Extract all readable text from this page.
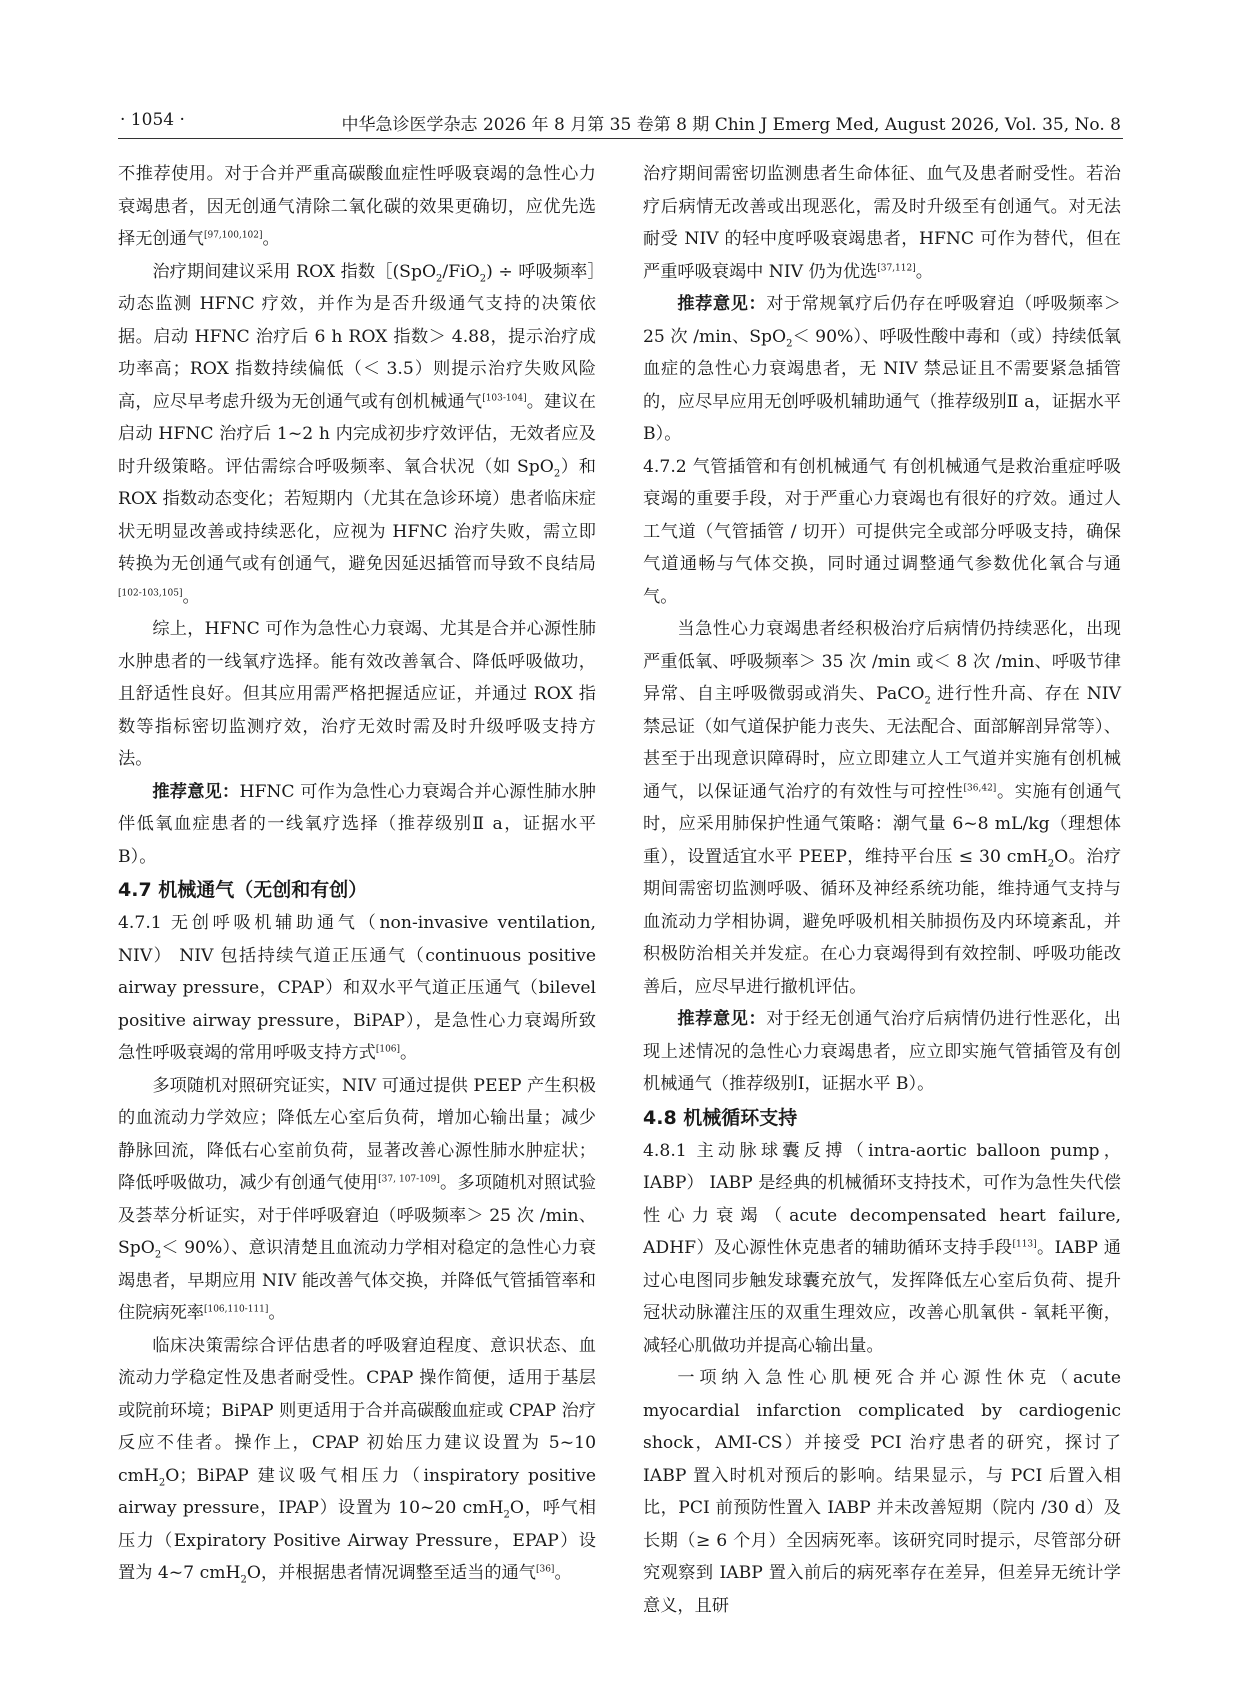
· 1054 ·	中华急诊医学杂志 2026 年 8 月第 35 卷第 8 期 Chin J Emerg Med, August 2026, Vol. 35, No. 8

不推荐使用。对于合并严重高碳酸血症性呼吸衰竭的急性心力衰竭患者，因无创通气清除二氧化碳的效果更确切，应优先选择无创通气[97,100,102]。

治疗期间建议采用 ROX 指数［(SpO$_2$/FiO$_2$) ÷ 呼吸频率］动态监测 HFNC 疗效，并作为是否升级通气支持的决策依据。启动 HFNC 治疗后 6 h ROX 指数＞ 4.88，提示治疗成功率高；ROX 指数持续偏低（＜ 3.5）则提示治疗失败风险高，应尽早考虑升级为无创通气或有创机械通气[103-104]。建议在启动 HFNC 治疗后 1~2 h 内完成初步疗效评估，无效者应及时升级策略。评估需综合呼吸频率、氧合状况（如 SpO$_2$）和 ROX 指数动态变化；若短期内（尤其在急诊环境）患者临床症状无明显改善或持续恶化，应视为 HFNC 治疗失败，需立即转换为无创通气或有创通气，避免因延迟插管而导致不良结局[102-103,105]。

综上，HFNC 可作为急性心力衰竭、尤其是合并心源性肺水肿患者的一线氧疗选择。能有效改善氧合、降低呼吸做功，且舒适性良好。但其应用需严格把握适应证，并通过 ROX 指数等指标密切监测疗效，治疗无效时需及时升级呼吸支持方法。

推荐意见：HFNC 可作为急性心力衰竭合并心源性肺水肿伴低氧血症患者的一线氧疗选择（推荐级别Ⅱ a，证据水平 B）。

4.7 机械通气（无创和有创）

4.7.1 无创呼吸机辅助通气（non-invasive ventilation, NIV） NIV 包括持续气道正压通气（continuous positive airway pressure，CPAP）和双水平气道正压通气（bilevel positive airway pressure，BiPAP），是急性心力衰竭所致急性呼吸衰竭的常用呼吸支持方式[106]。

多项随机对照研究证实，NIV 可通过提供 PEEP 产生积极的血流动力学效应；降低左心室后负荷，增加心输出量；减少静脉回流，降低右心室前负荷，显著改善心源性肺水肿症状；降低呼吸做功，减少有创通气使用[37, 107-109]。多项随机对照试验及荟萃分析证实，对于伴呼吸窘迫（呼吸频率＞ 25 次 /min、SpO$_2$＜ 90%）、意识清楚且血流动力学相对稳定的急性心力衰竭患者，早期应用 NIV 能改善气体交换，并降低气管插管率和住院病死率[106,110-111]。

临床决策需综合评估患者的呼吸窘迫程度、意识状态、血流动力学稳定性及患者耐受性。CPAP 操作简便，适用于基层或院前环境；BiPAP 则更适用于合并高碳酸血症或 CPAP 治疗反应不佳者。操作上，CPAP 初始压力建议设置为 5~10 cmH$_2$O；BiPAP 建议吸气相压力（inspiratory positive airway pressure，IPAP）设置为 10~20 cmH$_2$O，呼气相压力（Expiratory Positive Airway Pressure，EPAP）设置为 4~7 cmH$_2$O，并根据患者情况调整至适当的通气[36]。

治疗期间需密切监测患者生命体征、血气及患者耐受性。若治疗后病情无改善或出现恶化，需及时升级至有创通气。对无法耐受 NIV 的轻中度呼吸衰竭患者，HFNC 可作为替代，但在严重呼吸衰竭中 NIV 仍为优选[37,112]。

推荐意见：对于常规氧疗后仍存在呼吸窘迫（呼吸频率＞ 25 次 /min、SpO$_2$＜ 90%）、呼吸性酸中毒和（或）持续低氧血症的急性心力衰竭患者，无 NIV 禁忌证且不需要紧急插管的，应尽早应用无创呼吸机辅助通气（推荐级别Ⅱ a，证据水平 B）。

4.7.2 气管插管和有创机械通气 有创机械通气是救治重症呼吸衰竭的重要手段，对于严重心力衰竭也有很好的疗效。通过人工气道（气管插管 / 切开）可提供完全或部分呼吸支持，确保气道通畅与气体交换，同时通过调整通气参数优化氧合与通气。

当急性心力衰竭患者经积极治疗后病情仍持续恶化，出现严重低氧、呼吸频率＞ 35 次 /min 或＜ 8 次 /min、呼吸节律异常、自主呼吸微弱或消失、PaCO$_2$ 进行性升高、存在 NIV 禁忌证（如气道保护能力丧失、无法配合、面部解剖异常等）、甚至于出现意识障碍时，应立即建立人工气道并实施有创机械通气，以保证通气治疗的有效性与可控性[36,42]。实施有创通气时，应采用肺保护性通气策略：潮气量 6~8 mL/kg（理想体重），设置适宜水平 PEEP，维持平台压 ≤ 30 cmH$_2$O。治疗期间需密切监测呼吸、循环及神经系统功能，维持通气支持与血流动力学相协调，避免呼吸机相关肺损伤及内环境紊乱，并积极防治相关并发症。在心力衰竭得到有效控制、呼吸功能改善后，应尽早进行撤机评估。

推荐意见：对于经无创通气治疗后病情仍进行性恶化，出现上述情况的急性心力衰竭患者，应立即实施气管插管及有创机械通气（推荐级别Ⅰ，证据水平 B）。

4.8 机械循环支持

4.8.1 主动脉球囊反搏（intra-aortic balloon pump，IABP） IABP 是经典的机械循环支持技术，可作为急性失代偿性心力衰竭（acute decompensated heart failure, ADHF）及心源性休克患者的辅助循环支持手段[113]。IABP 通过心电图同步触发球囊充放气，发挥降低左心室后负荷、提升冠状动脉灌注压的双重生理效应，改善心肌氧供 - 氧耗平衡，减轻心肌做功并提高心输出量。

一项纳入急性心肌梗死合并心源性休克（acute myocardial infarction complicated by cardiogenic shock，AMI-CS）并接受 PCI 治疗患者的研究，探讨了 IABP 置入时机对预后的影响。结果显示，与 PCI 后置入相比，PCI 前预防性置入 IABP 并未改善短期（院内 /30 d）及长期（≥ 6 个月）全因病死率。该研究同时提示，尽管部分研究观察到 IABP 置入前后的病死率存在差异，但差异无统计学意义，且研
